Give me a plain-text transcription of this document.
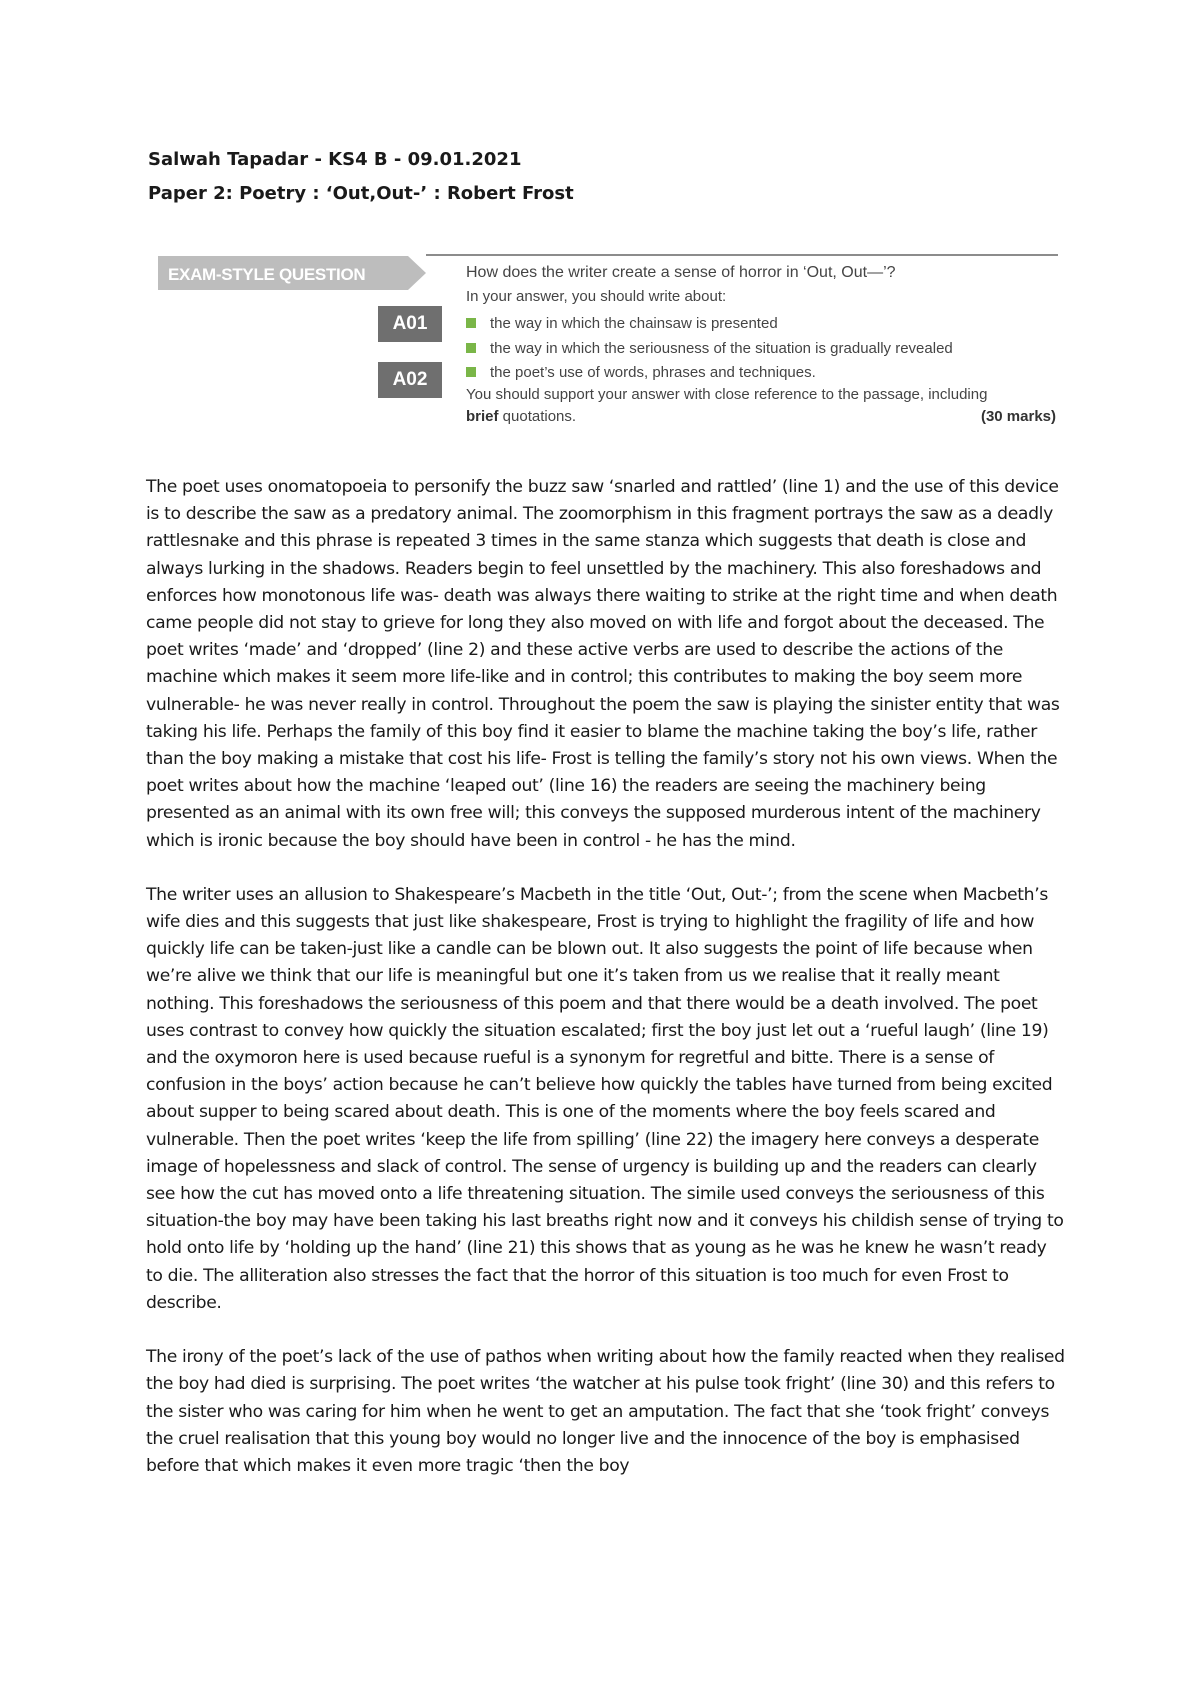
Salwah Tapadar - KS4 B - 09.01.2021
Paper 2: Poetry : ‘Out,Out-’ : Robert Frost
EXAM-STYLE QUESTION
A01
A02
How does the writer create a sense of horror in ‘Out, Out—’?
In your answer, you should write about:
the way in which the chainsaw is presented
the way in which the seriousness of the situation is gradually revealed
the poet’s use of words, phrases and techniques.
You should support your answer with close reference to the passage, including
brief quotations.	(30 marks)

The poet uses onomatopoeia to personify the buzz saw ‘snarled and rattled’ (line 1) and the use of this device is to describe the saw as a predatory animal. The zoomorphism in this fragment portrays the saw as a deadly rattlesnake and this phrase is repeated 3 times in the same stanza which suggests that death is close and always lurking in the shadows. Readers begin to feel unsettled by the machinery. This also foreshadows and enforces how monotonous life was- death was always there waiting to strike at the right time and when death came people did not stay to grieve for long they also moved on with life and forgot about the deceased. The poet writes ‘made’ and ‘dropped’ (line 2) and these active verbs are used to describe the actions of the machine which makes it seem more life-like and in control; this contributes to making the boy seem more vulnerable- he was never really in control. Throughout the poem the saw is playing the sinister entity that was taking his life. Perhaps the family of this boy find it easier to blame the machine taking the boy’s life, rather than the boy making a mistake that cost his life- Frost is telling the family’s story not his own views. When the poet writes about how the machine ‘leaped out’ (line 16) the readers are seeing the machinery being presented as an animal with its own free will; this conveys the supposed murderous intent of the machinery which is ironic because the boy should have been in control - he has the mind.

The writer uses an allusion to Shakespeare’s Macbeth in the title ‘Out, Out-’; from the scene when Macbeth’s wife dies and this suggests that just like shakespeare, Frost is trying to highlight the fragility of life and how quickly life can be taken-just like a candle can be blown out. It also suggests the point of life because when we’re alive we think that our life is meaningful but one it’s taken from us we realise that it really meant nothing. This foreshadows the seriousness of this poem and that there would be a death involved. The poet uses contrast to convey how quickly the situation escalated; first the boy just let out a ‘rueful laugh’ (line 19) and the oxymoron here is used because rueful is a synonym for regretful and bitte. There is a sense of confusion in the boys’ action because he can’t believe how quickly the tables have turned from being excited about supper to being scared about death. This is one of the moments where the boy feels scared and vulnerable. Then the poet writes ‘keep the life from spilling’ (line 22) the imagery here conveys a desperate image of hopelessness and slack of control. The sense of urgency is building up and the readers can clearly see how the cut has moved onto a life threatening situation. The simile used conveys the seriousness of this situation-the boy may have been taking his last breaths right now and it conveys his childish sense of trying to hold onto life by ‘holding up the hand’ (line 21) this shows that as young as he was he knew he wasn’t ready to die. The alliteration also stresses the fact that the horror of this situation is too much for even Frost to describe.

The irony of the poet’s lack of the use of pathos when writing about how the family reacted when they realised the boy had died is surprising. The poet writes ‘the watcher at his pulse took fright’ (line 30) and this refers to the sister who was caring for him when he went to get an amputation. The fact that she ‘took fright’ conveys the cruel realisation that this young boy would no longer live and the innocence of the boy is emphasised before that which makes it even more tragic ‘then the boy
